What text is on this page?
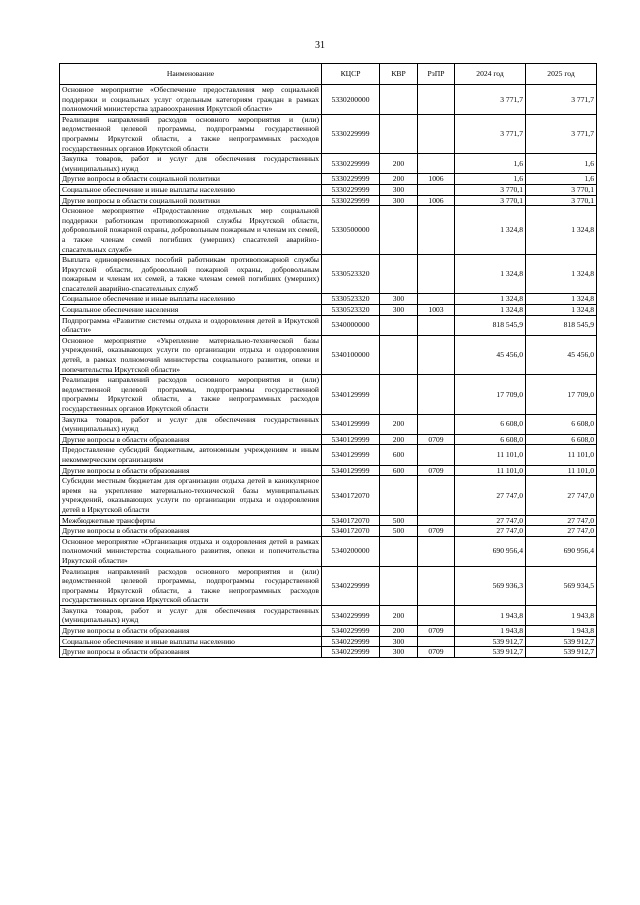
31
Наименование	КЦСР	КВР	РзПР	2024 год	2025 год
Основное мероприятие «Обеспечение предоставления мер социальной поддержки и социальных услуг отдельным категориям граждан в рамках полномочий министерства здравоохранения Иркутской области»	5330200000			3 771,7	3 771,7
Реализация направлений расходов основного мероприятия и (или) ведомственной целевой программы, подпрограммы государственной программы Иркутской области, а также непрограммных расходов государственных органов Иркутской области	5330229999			3 771,7	3 771,7
Закупка товаров, работ и услуг для обеспечения государственных (муниципальных) нужд	5330229999	200		1,6	1,6
Другие вопросы в области социальной политики	5330229999	200	1006	1,6	1,6
Социальное обеспечение и иные выплаты населению	5330229999	300		3 770,1	3 770,1
Другие вопросы в области социальной политики	5330229999	300	1006	3 770,1	3 770,1
Основное мероприятие «Предоставление отдельных мер социальной поддержки работникам противопожарной службы Иркутской области, добровольной пожарной охраны, добровольным пожарным и членам их семей, а также членам семей погибших (умерших) спасателей аварийно-спасательных служб»	5330500000			1 324,8	1 324,8
Выплата единовременных пособий работникам противопожарной службы Иркутской области, добровольной пожарной охраны, добровольным пожарным и членам их семей, а также членам семей погибших (умерших) спасателей аварийно-спасательных служб	5330523320			1 324,8	1 324,8
Социальное обеспечение и иные выплаты населению	5330523320	300		1 324,8	1 324,8
Социальное обеспечение населения	5330523320	300	1003	1 324,8	1 324,8
Подпрограмма «Развитие системы отдыха и оздоровления детей в Иркутской области»	5340000000			818 545,9	818 545,9
Основное мероприятие «Укрепление материально-технической базы учреждений, оказывающих услуги по организации отдыха и оздоровления детей, в рамках полномочий министерства социального развития, опеки и попечительства Иркутской области»	5340100000			45 456,0	45 456,0
Реализация направлений расходов основного мероприятия и (или) ведомственной целевой программы, подпрограммы государственной программы Иркутской области, а также непрограммных расходов государственных органов Иркутской области	5340129999			17 709,0	17 709,0
Закупка товаров, работ и услуг для обеспечения государственных (муниципальных) нужд	5340129999	200		6 608,0	6 608,0
Другие вопросы в области образования	5340129999	200	0709	6 608,0	6 608,0
Предоставление субсидий бюджетным, автономным учреждениям и иным некоммерческим организациям	5340129999	600		11 101,0	11 101,0
Другие вопросы в области образования	5340129999	600	0709	11 101,0	11 101,0
Субсидии местным бюджетам для организации отдыха детей в каникулярное время на укрепление материально-технической базы муниципальных учреждений, оказывающих услуги по организации отдыха и оздоровления детей в Иркутской области	5340172070			27 747,0	27 747,0
Межбюджетные трансферты	5340172070	500		27 747,0	27 747,0
Другие вопросы в области образования	5340172070	500	0709	27 747,0	27 747,0
Основное мероприятие «Организация отдыха и оздоровления детей в рамках полномочий министерства социального развития, опеки и попечительства Иркутской области»	5340200000			690 956,4	690 956,4
Реализация направлений расходов основного мероприятия и (или) ведомственной целевой программы, подпрограммы государственной программы Иркутской области, а также непрограммных расходов государственных органов Иркутской области	5340229999			569 936,3	569 934,5
Закупка товаров, работ и услуг для обеспечения государственных (муниципальных) нужд	5340229999	200		1 943,8	1 943,8
Другие вопросы в области образования	5340229999	200	0709	1 943,8	1 943,8
Социальное обеспечение и иные выплаты населению	5340229999	300		539 912,7	539 912,7
Другие вопросы в области образования	5340229999	300	0709	539 912,7	539 912,7
